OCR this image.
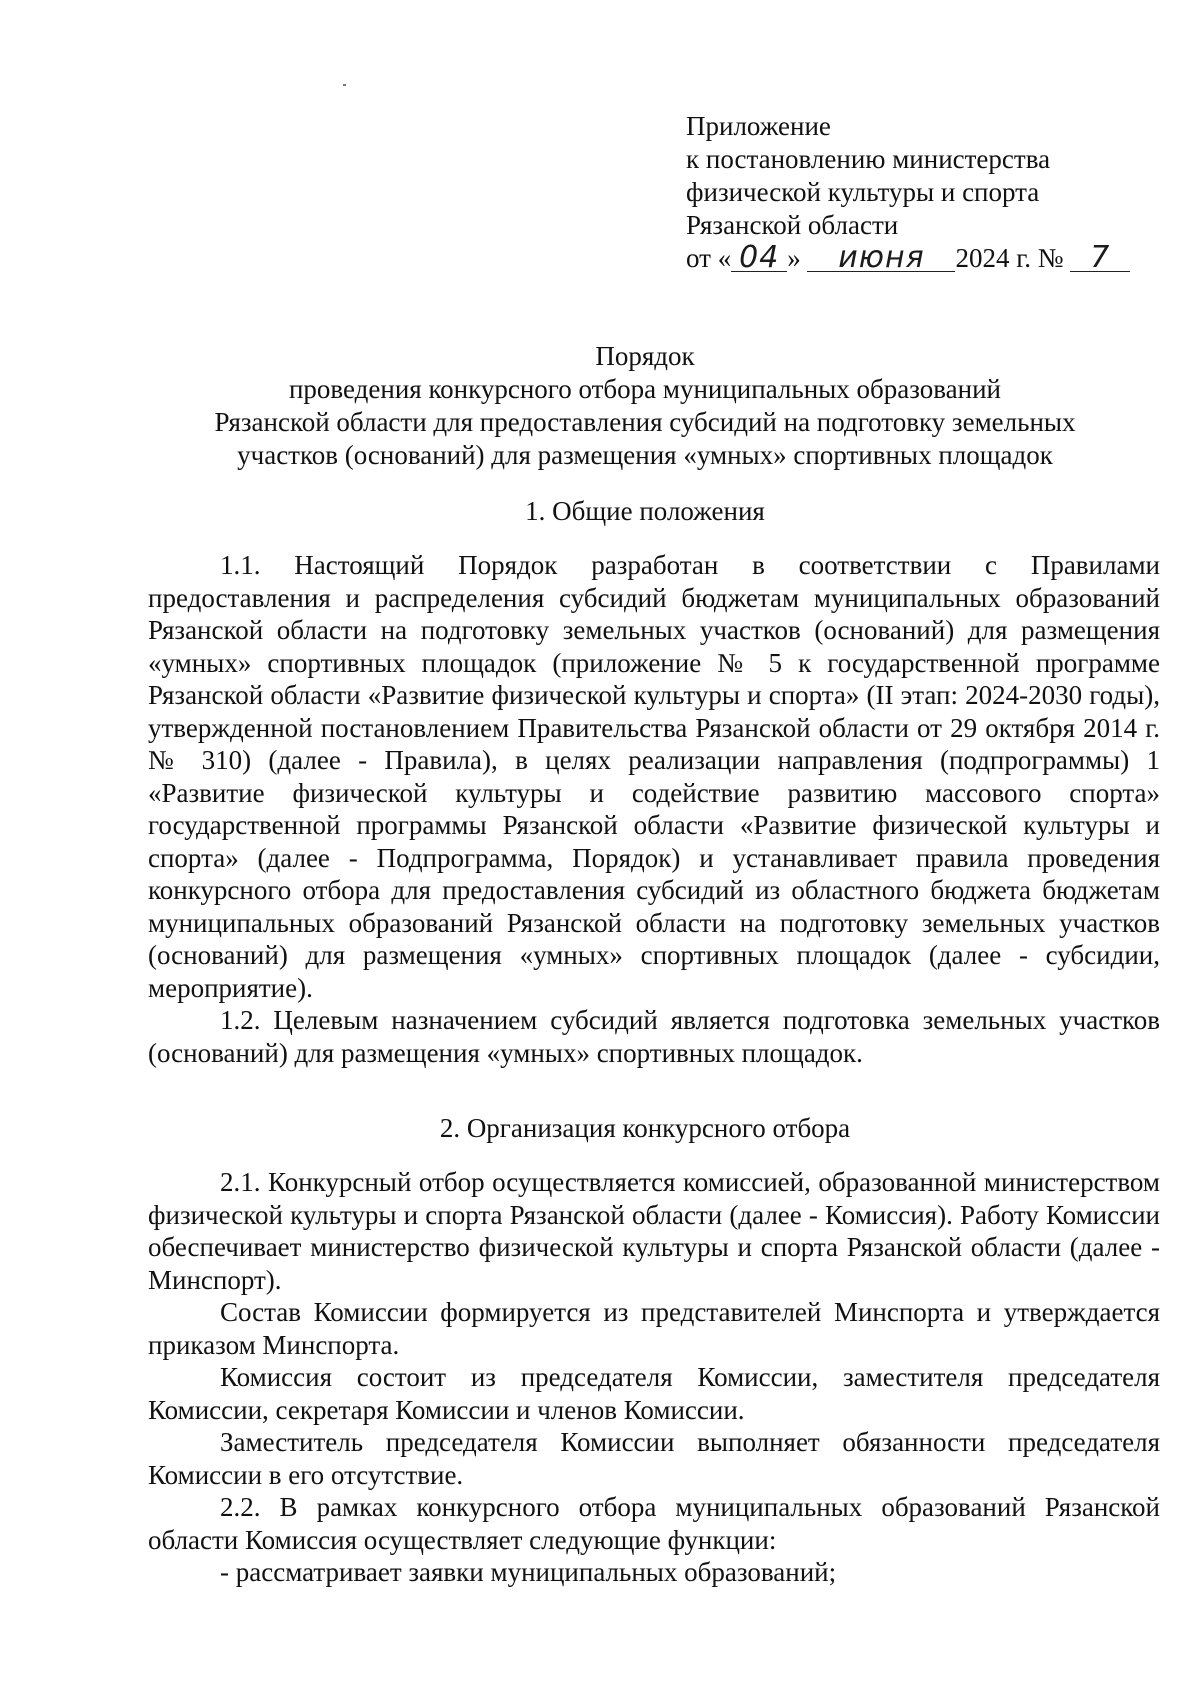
Приложение
к постановлению министерства
физической культуры и спорта
Рязанской области
от « 04 » июня 2024 г. № 7
Порядок
проведения конкурсного отбора муниципальных образований
Рязанской области для предоставления субсидий на подготовку земельных
участков (оснований) для размещения «умных» спортивных площадок
1. Общие положения

1.1. Настоящий Порядок разработан в соответствии с Правилами предоставления и распределения субсидий бюджетам муниципальных образований Рязанской области на подготовку земельных участков (оснований) для размещения «умных» спортивных площадок (приложение № 5 к государственной программе Рязанской области «Развитие физической культуры и спорта» (II этап: 2024-2030 годы), утвержденной постановлением Правительства Рязанской области от 29 октября 2014 г. № 310) (далее - Правила), в целях реализации направления (подпрограммы) 1 «Развитие физической культуры и содействие развитию массового спорта» государственной программы Рязанской области «Развитие физической культуры и спорта» (далее - Подпрограмма, Порядок) и устанавливает правила проведения конкурсного отбора для предоставления субсидий из областного бюджета бюджетам муниципальных образований Рязанской области на подготовку земельных участков (оснований) для размещения «умных» спортивных площадок (далее - субсидии, мероприятие).

1.2. Целевым назначением субсидий является подготовка земельных участков (оснований) для размещения «умных» спортивных площадок.

2. Организация конкурсного отбора

2.1. Конкурсный отбор осуществляется комиссией, образованной министерством физической культуры и спорта Рязанской области (далее - Комиссия). Работу Комиссии обеспечивает министерство физической культуры и спорта Рязанской области (далее - Минспорт).

Состав Комиссии формируется из представителей Минспорта и утверждается приказом Минспорта.

Комиссия состоит из председателя Комиссии, заместителя председателя Комиссии, секретаря Комиссии и членов Комиссии.

Заместитель председателя Комиссии выполняет обязанности председателя Комиссии в его отсутствие.

2.2. В рамках конкурсного отбора муниципальных образований Рязанской области Комиссия осуществляет следующие функции:

- рассматривает заявки муниципальных образований;
